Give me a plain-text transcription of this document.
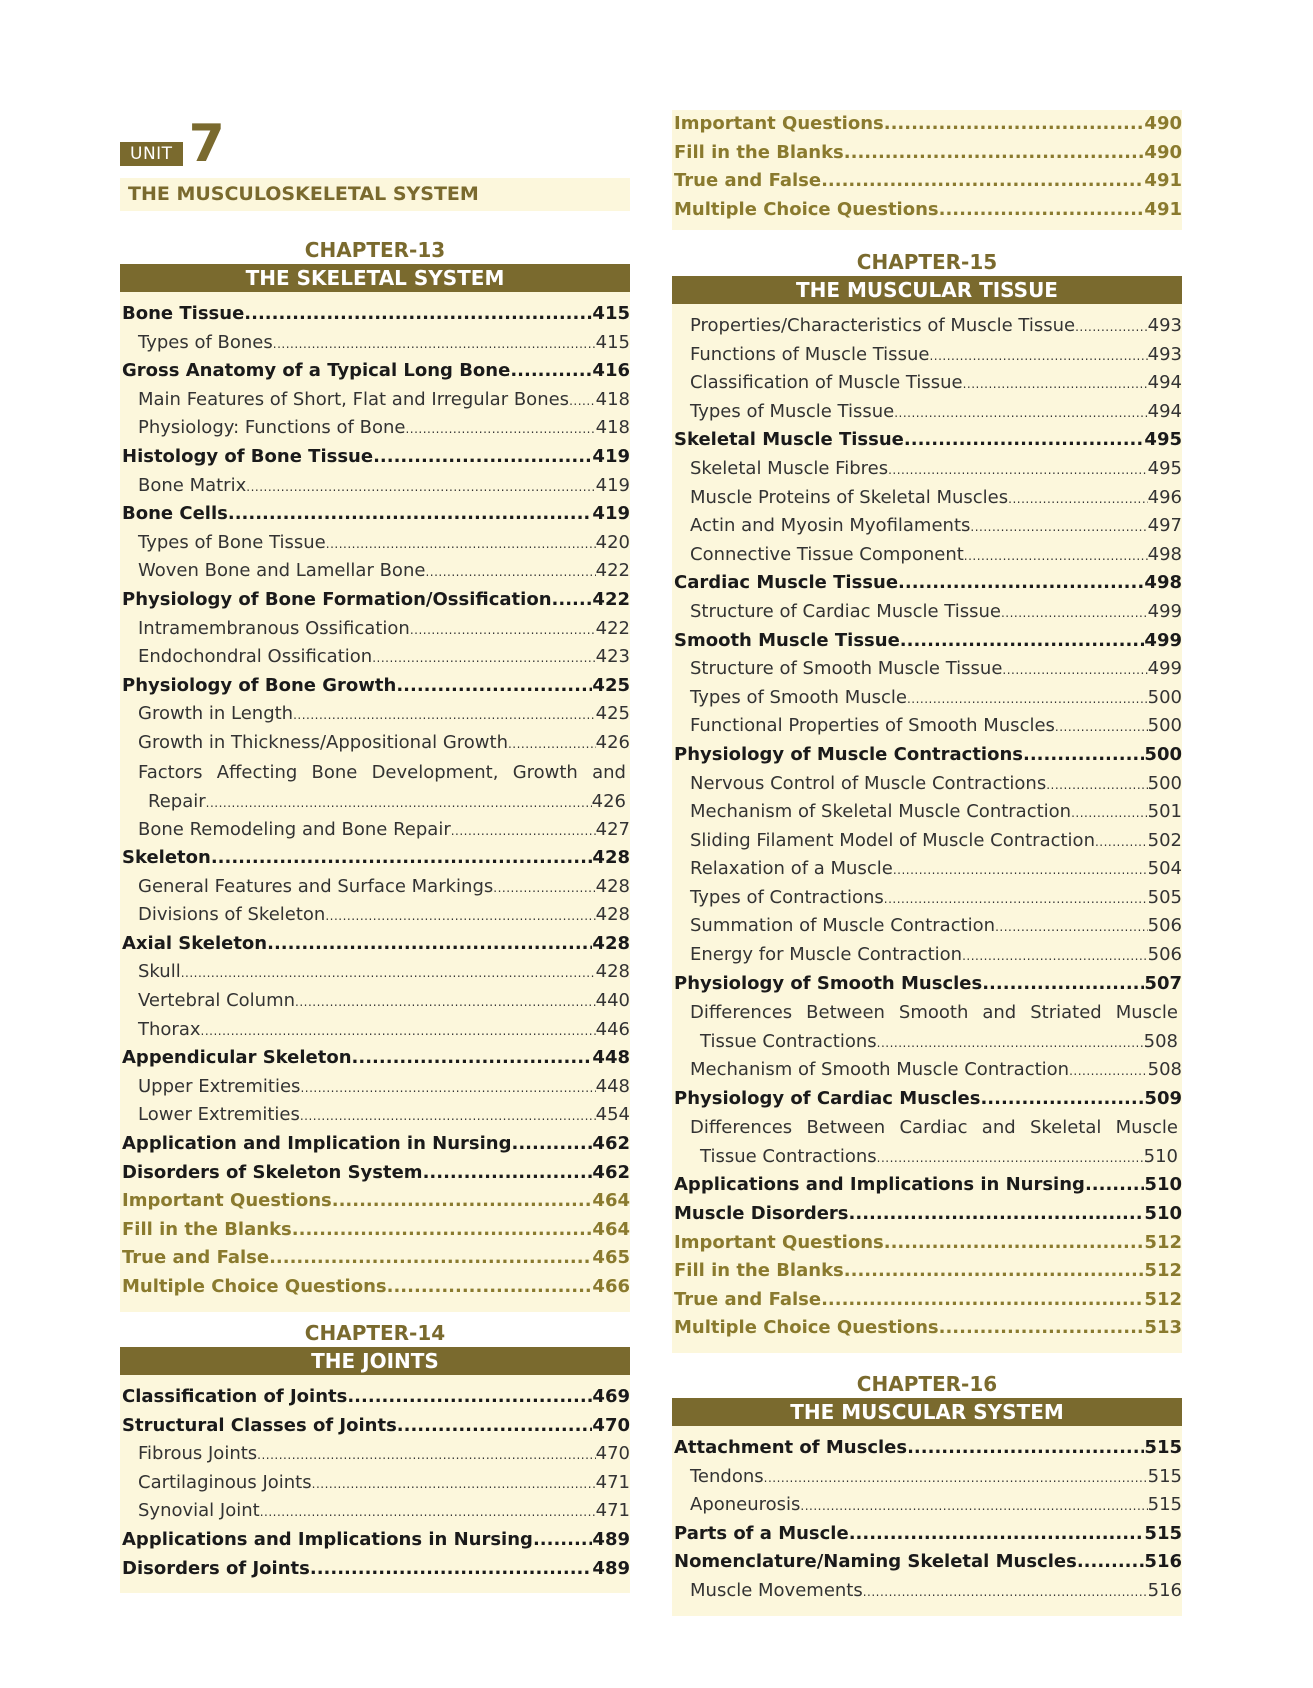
UNIT 7
THE MUSCULOSKELETAL SYSTEM
CHAPTER-13
THE SKELETAL SYSTEM
Bone Tissue .....	415
Types of Bones .....	415
Gross Anatomy of a Typical Long Bone .....	416
Main Features of Short, Flat and Irregular Bones ..... 418
Physiology: Functions of Bone .....	418
Histology of Bone Tissue .....	419
Bone Matrix .....	419
Bone Cells .....	419
Types of Bone Tissue .....	420
Woven Bone and Lamellar Bone .....	422
Physiology of Bone Formation/Ossification ..... 422
Intramembranous Ossification .....	422
Endochondral Ossification .....	423
Physiology of Bone Growth .....	425
Growth in Length .....	425
Growth in Thickness/Appositional Growth .....	426
Factors Affecting Bone Development, Growth and
Repair .....	426
Bone Remodeling and Bone Repair .....	427
Skeleton .....	428
General Features and Surface Markings .....	428
Divisions of Skeleton .....	428
Axial Skeleton .....	428
Skull .....	428
Vertebral Column .....	440
Thorax .....	446
Appendicular Skeleton .....	448
Upper Extremities .....	448
Lower Extremities .....	454
Application and Implication in Nursing .....	462
Disorders of Skeleton System .....	462
Important Questions .....	464
Fill in the Blanks .....	464
True and False .....	465
Multiple Choice Questions .....	466
CHAPTER-14
THE JOINTS
Classification of Joints .....	469
Structural Classes of Joints .....	470
Fibrous Joints .....	470
Cartilaginous Joints .....	471
Synovial Joint .....	471
Applications and Implications in Nursing .....	489
Disorders of Joints .....	489
Important Questions .....	490
Fill in the Blanks .....	490
True and False .....	491
Multiple Choice Questions .....	491
CHAPTER-15
THE MUSCULAR TISSUE
Properties/Characteristics of Muscle Tissue .....	493
Functions of Muscle Tissue .....	493
Classification of Muscle Tissue .....	494
Types of Muscle Tissue .....	494
Skeletal Muscle Tissue .....	495
Skeletal Muscle Fibres .....	495
Muscle Proteins of Skeletal Muscles .....	496
Actin and Myosin Myofilaments .....	497
Connective Tissue Component .....	498
Cardiac Muscle Tissue .....	498
Structure of Cardiac Muscle Tissue .....	499
Smooth Muscle Tissue .....	499
Structure of Smooth Muscle Tissue .....	499
Types of Smooth Muscle .....	500
Functional Properties of Smooth Muscles .....	500
Physiology of Muscle Contractions .....	500
Nervous Control of Muscle Contractions .....	500
Mechanism of Skeletal Muscle Contraction .....	501
Sliding Filament Model of Muscle Contraction .....	502
Relaxation of a Muscle .....	504
Types of Contractions .....	505
Summation of Muscle Contraction .....	506
Energy for Muscle Contraction .....	506
Physiology of Smooth Muscles .....	507
Differences Between Smooth and Striated Muscle
Tissue Contractions .....	508
Mechanism of Smooth Muscle Contraction .....	508
Physiology of Cardiac Muscles .....	509
Differences Between Cardiac and Skeletal Muscle
Tissue Contractions .....	510
Applications and Implications in Nursing .....	510
Muscle Disorders .....	510
Important Questions .....	512
Fill in the Blanks .....	512
True and False .....	512
Multiple Choice Questions .....	513
CHAPTER-16
THE MUSCULAR SYSTEM
Attachment of Muscles .....	515
Tendons .....	515
Aponeurosis .....	515
Parts of a Muscle .....	515
Nomenclature/Naming Skeletal Muscles .....	516
Muscle Movements .....	516
